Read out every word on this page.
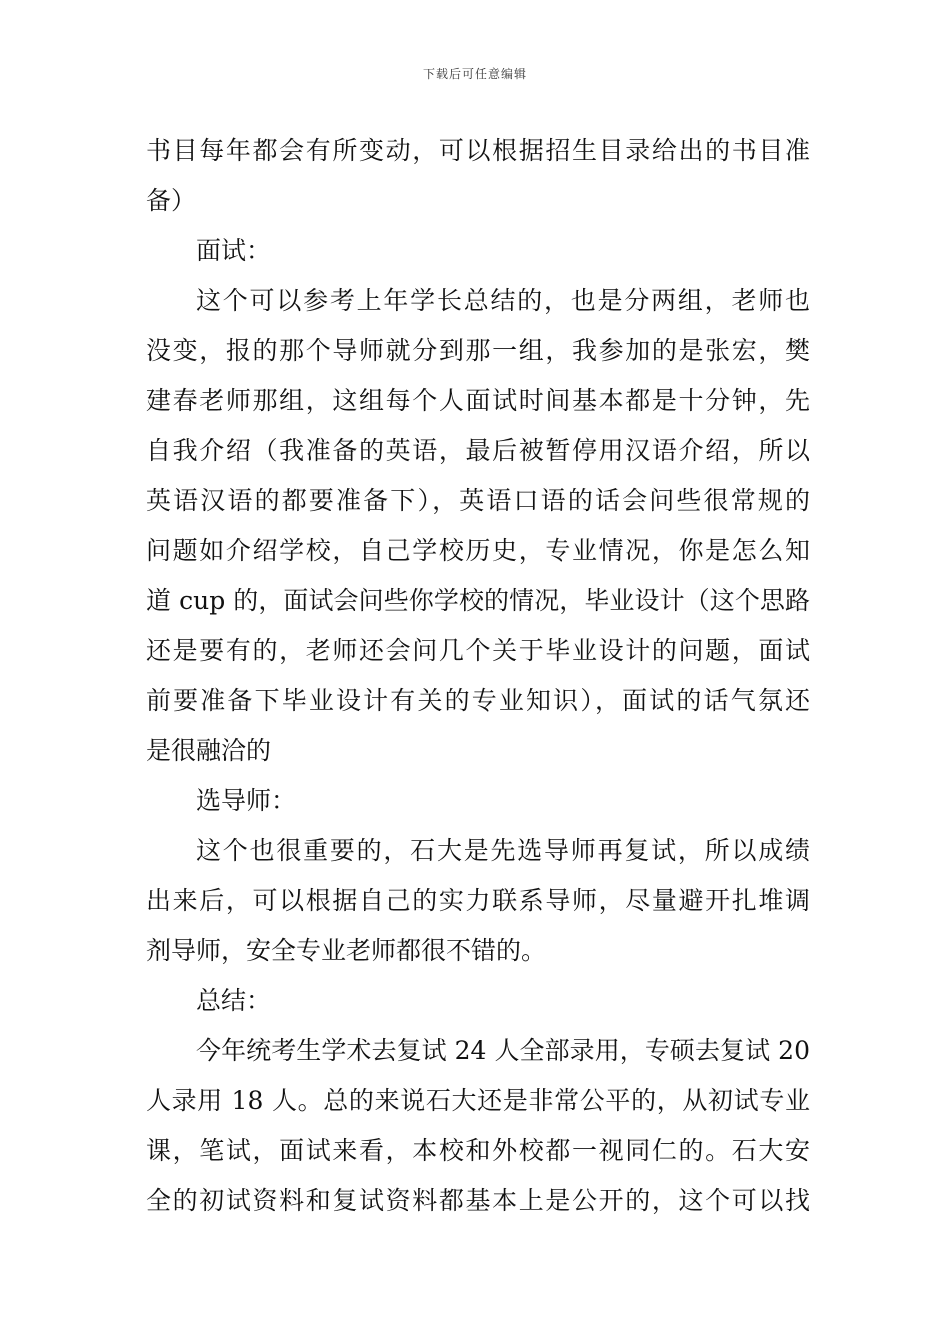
下载后可任意编辑
书目每年都会有所变动，可以根据招生目录给出的书目准
备）
面试：
这个可以参考上年学长总结的，也是分两组，老师也
没变，报的那个导师就分到那一组，我参加的是张宏，樊
建春老师那组，这组每个人面试时间基本都是十分钟，先
自我介绍（我准备的英语，最后被暂停用汉语介绍，所以
英语汉语的都要准备下），英语口语的话会问些很常规的
问题如介绍学校，自己学校历史，专业情况，你是怎么知
道 cup 的，面试会问些你学校的情况，毕业设计（这个思路
还是要有的，老师还会问几个关于毕业设计的问题，面试
前要准备下毕业设计有关的专业知识），面试的话气氛还
是很融洽的
选导师：
这个也很重要的，石大是先选导师再复试，所以成绩
出来后，可以根据自己的实力联系导师，尽量避开扎堆调
剂导师，安全专业老师都很不错的。
总结：
今年统考生学术去复试 24 人全部录用，专硕去复试 20
人录用 18 人。总的来说石大还是非常公平的，从初试专业
课，笔试，面试来看，本校和外校都一视同仁的。石大安
全的初试资料和复试资料都基本上是公开的，这个可以找
